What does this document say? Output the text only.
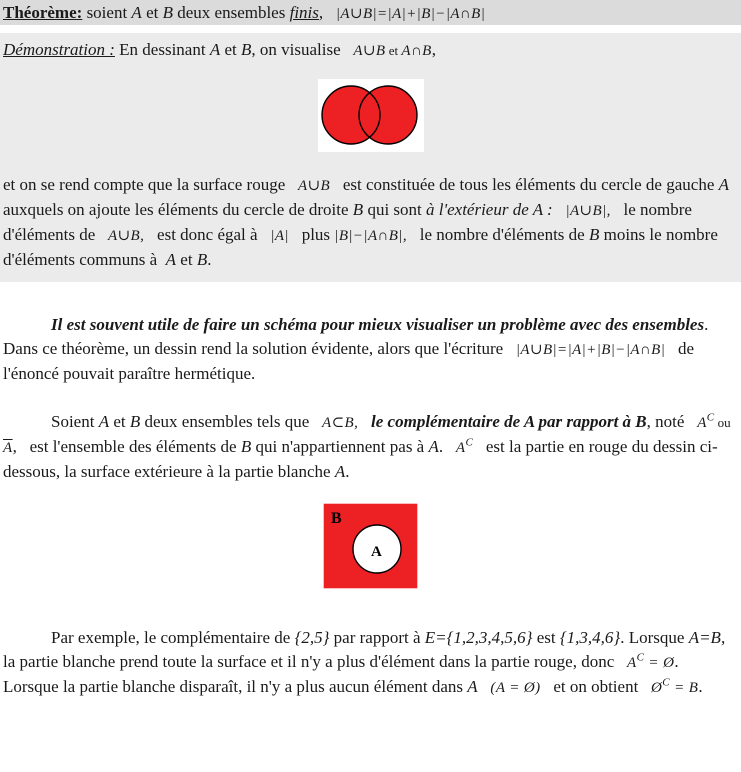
Théorème: soient A et B deux ensembles finis,   |A∪B|=|A|+|B|−|A∩B|

Démonstration : En dessinant A et B, on visualise   A∪B et A∩B,

et on se rend compte que la surface rouge   A∪B   est constituée de tous les éléments du cercle de gauche A auxquels on ajoute les éléments du cercle de droite B qui sont à l'extérieur de A : |A∪B|,   le nombre d'éléments de   A∪B,   est donc égal à   |A|   plus |B|−|A∩B|,   le nombre d'éléments de B moins le nombre d'éléments communs à  A et B.

Il est souvent utile de faire un schéma pour mieux visualiser un problème avec des ensembles. Dans ce théorème, un dessin rend la solution évidente, alors que l'écriture   |A∪B|=|A|+|B|−|A∩B|   de l'énoncé pouvait paraître hermétique.

Soient A et B deux ensembles tels que   A⊂B, le complémentaire de A par rapport à B, noté   $A^C$ ou $\overline{A}$,   est l'ensemble des éléments de B qui n'appartiennent pas à A.   $A^C$   est la partie en rouge du dessin ci-dessous, la surface extérieure à la partie blanche A.

B
A

Par exemple, le complémentaire de {2,5} par rapport à E={1,2,3,4,5,6} est {1,3,4,6}. Lorsque A=B, la partie blanche prend toute la surface et il n'y a plus d'élément dans la partie rouge, donc   $A^C$ = Ø.   Lorsque la partie blanche disparaît, il n'y a plus aucun élément dans A (A = Ø)   et on obtient   $Ø^C = B$.
